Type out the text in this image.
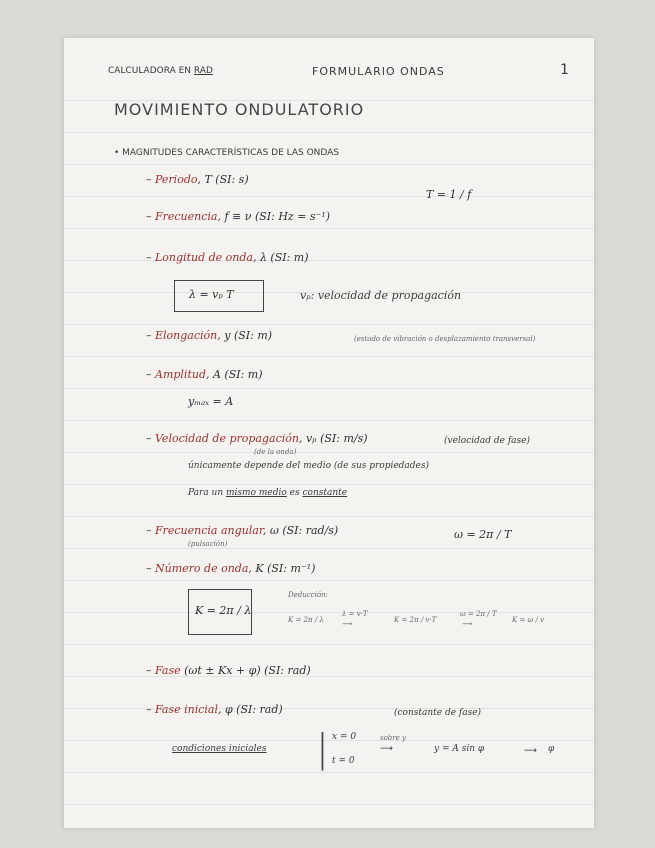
CALCULADORA EN RAD	FORMULARIO ONDAS	1
MOVIMIENTO ONDULATORIO
• MAGNITUDES CARACTERÍSTICAS DE LAS ONDAS
– Periodo, T (SI: s)
T = 1 / f
– Frecuencia, f ≡ ν (SI: Hz = s⁻¹)
– Longitud de onda, λ (SI: m)
λ = vₚ T	vₚ: velocidad de propagación
– Elongación, y (SI: m)	(estado de vibración o desplazamiento transversal)
– Amplitud, A (SI: m)
yₘₐₓ = A
– Velocidad de propagación, vₚ (SI: m/s)
(de la onda)
(velocidad de fase)
únicamente depende del medio (de sus propiedades)
Para un mismo medio es constante
– Frecuencia angular, ω (SI: rad/s)
(pulsación)
ω = 2π / T
– Número de onda, K (SI: m⁻¹)
K = 2π / λ
Deducción:
K = 2π / λ
λ = v·T
⟶	K = 2π / v·T
ω = 2π / T
⟶	K = ω / v
– Fase (ωt ± Kx + φ) (SI: rad)
– Fase inicial, φ (SI: rad)	(constante de fase)
condiciones iniciales | x = 0
t = 0
sobre y
⟶	y = A sin φ	⟶ φ
